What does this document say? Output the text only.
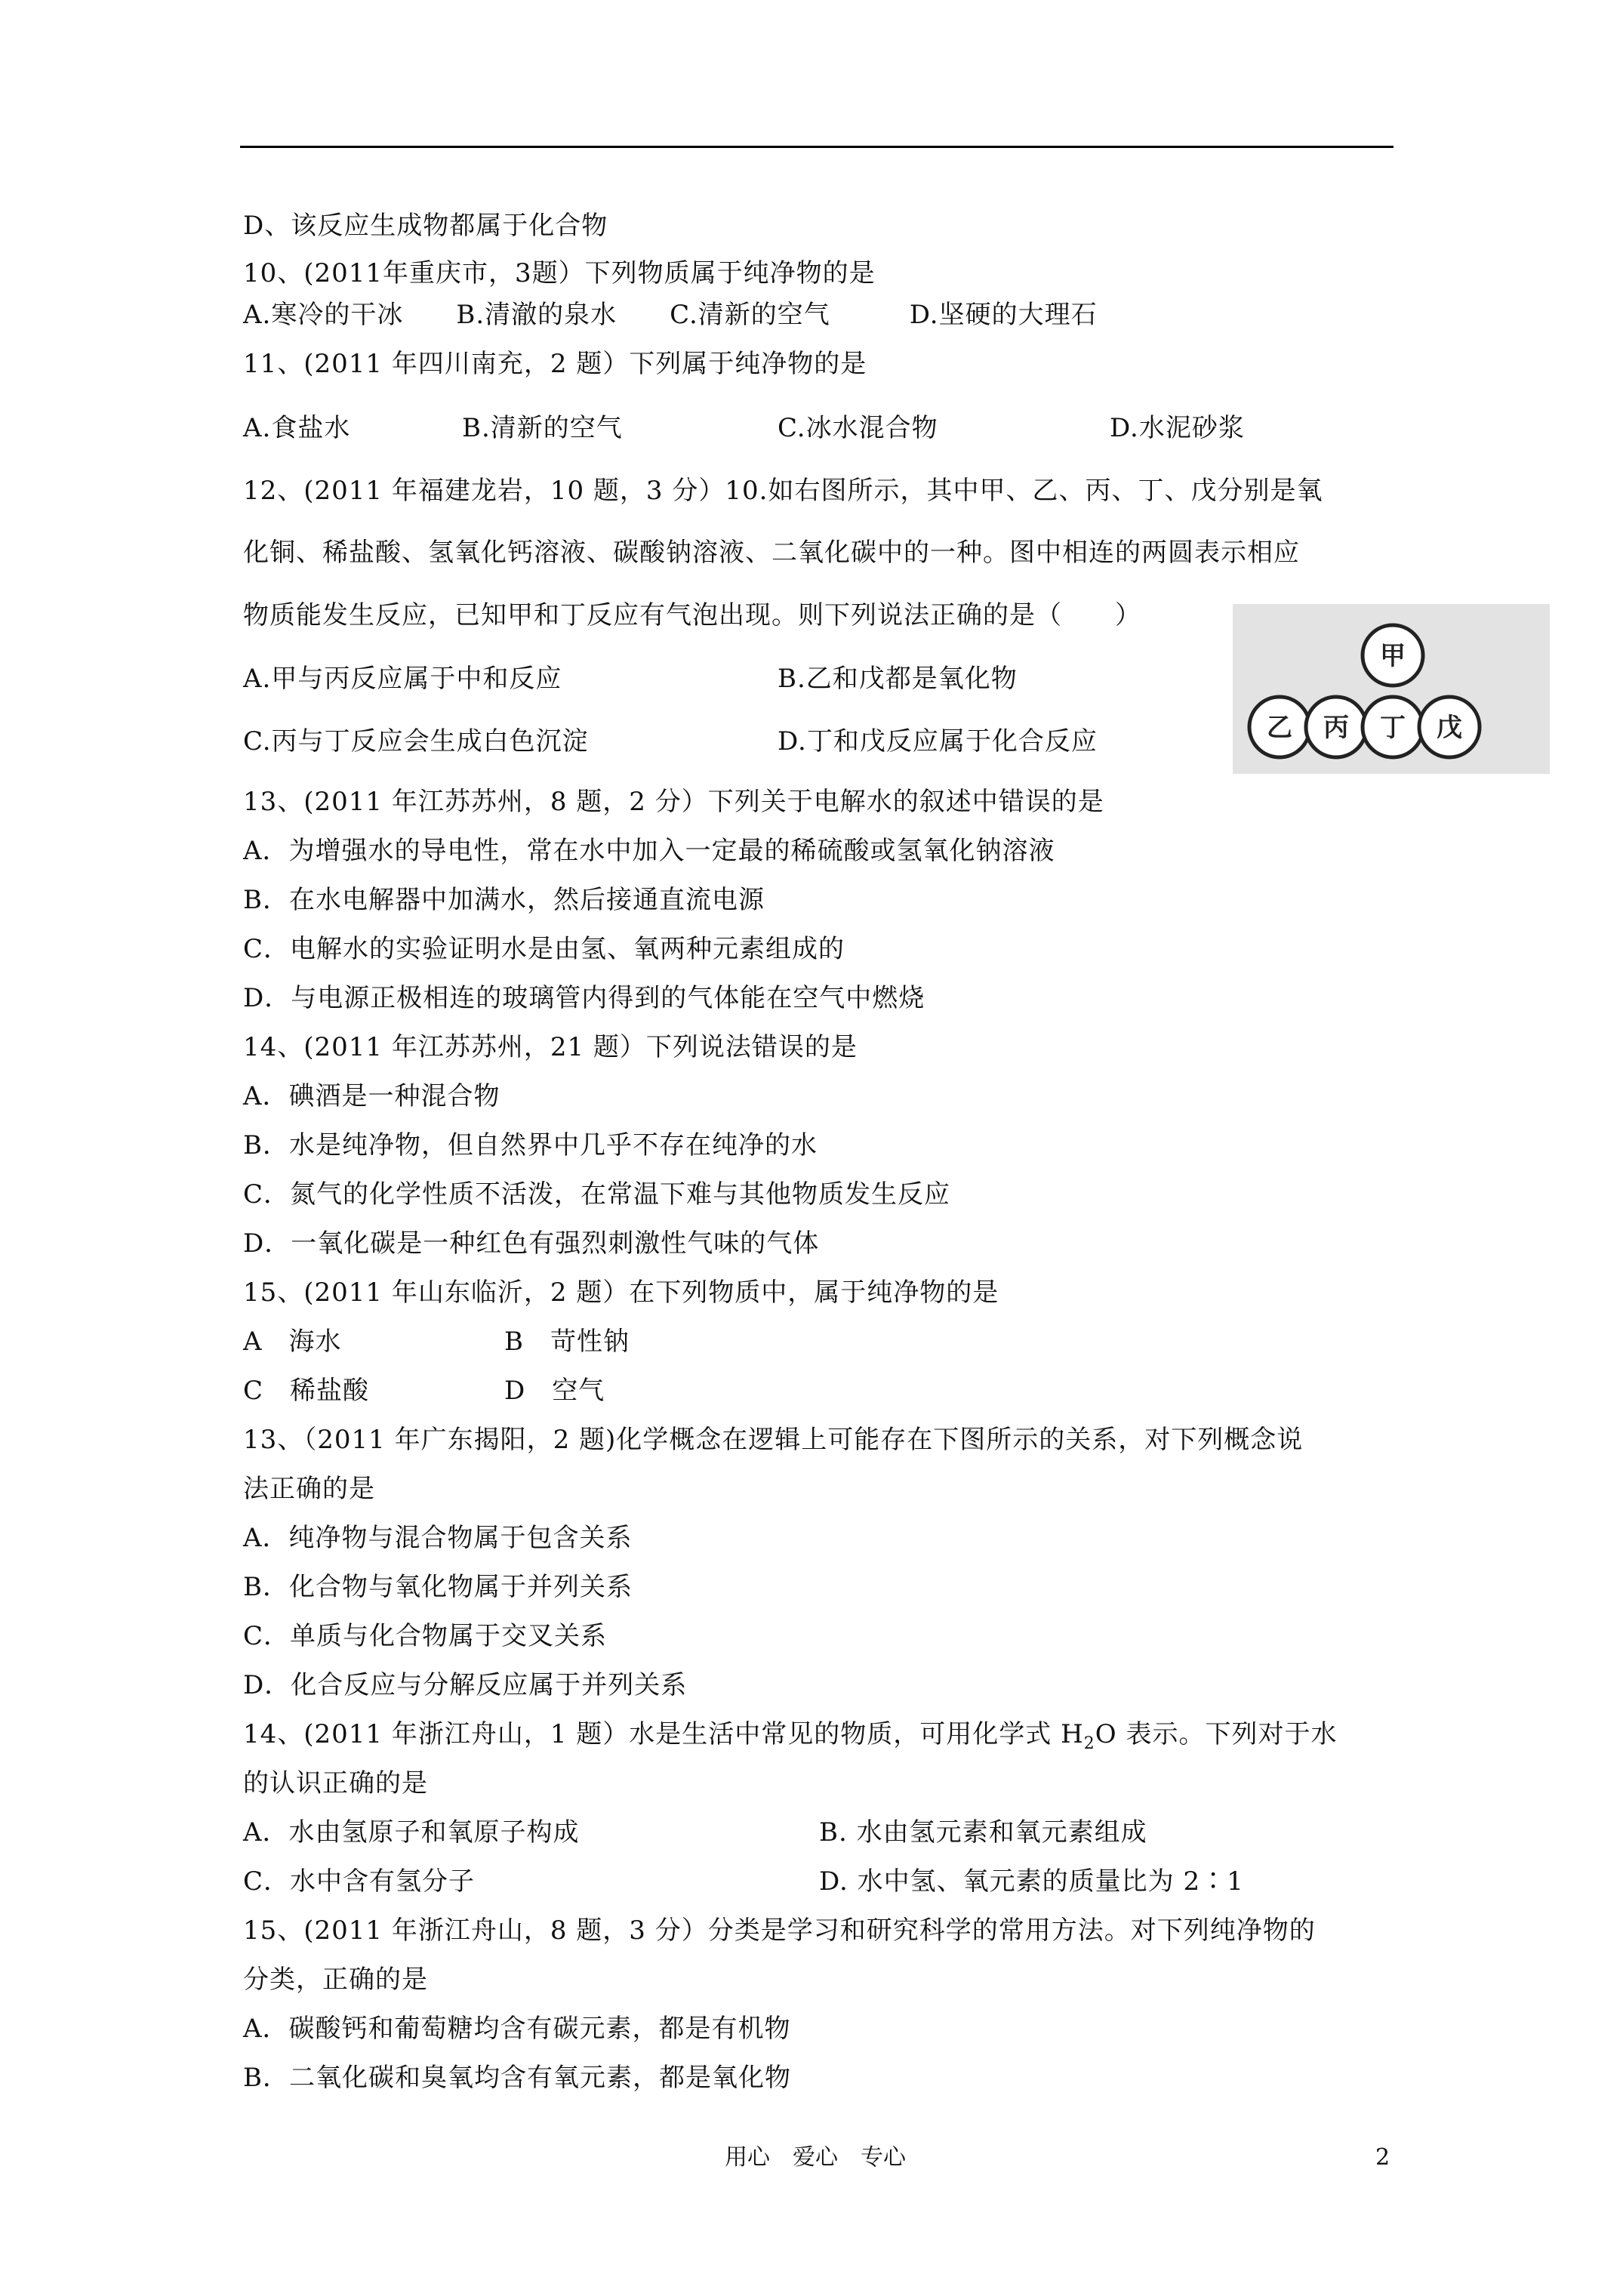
D、该反应生成物都属于化合物
10、(2011年重庆市，3题）下列物质属于纯净物的是
A.寒冷的干冰　　B.清澈的泉水　　C.清新的空气　　　D.坚硬的大理石
11、(2011 年四川南充，2 题）下列属于纯净物的是
12、(2011 年福建龙岩，10 题，3 分）10.如右图所示，其中甲、乙、丙、丁、戊分别是氧
化铜、稀盐酸、氢氧化钙溶液、碳酸钠溶液、二氧化碳中的一种。图中相连的两圆表示相应
物质能发生反应，已知甲和丁反应有气泡出现。则下列说法正确的是（　　）
13、(2011 年江苏苏州，8 题，2 分）下列关于电解水的叙述中错误的是
A．为增强水的导电性，常在水中加入一定最的稀硫酸或氢氧化钠溶液
B．在水电解器中加满水，然后接通直流电源
C．电解水的实验证明水是由氢、氧两种元素组成的
D．与电源正极相连的玻璃管内得到的气体能在空气中燃烧
14、(2011 年江苏苏州，21 题）下列说法错误的是
A．碘酒是一种混合物
B．水是纯净物，但自然界中几乎不存在纯净的水
C．氮气的化学性质不活泼，在常温下难与其他物质发生反应
D．一氧化碳是一种红色有强烈刺激性气味的气体
15、(2011 年山东临沂，2 题）在下列物质中，属于纯净物的是
13、（2011 年广东揭阳，2 题)化学概念在逻辑上可能存在下图所示的关系，对下列概念说
法正确的是
A．纯净物与混合物属于包含关系
B．化合物与氧化物属于并列关系
C．单质与化合物属于交叉关系
D．化合反应与分解反应属于并列关系
的认识正确的是
15、(2011 年浙江舟山，8 题，3 分）分类是学习和研究科学的常用方法。对下列纯净物的
分类，正确的是
A．碳酸钙和葡萄糖均含有碳元素，都是有机物
B．二氧化碳和臭氧均含有氧元素，都是氧化物
A.食盐水	B.清新的空气	C.冰水混合物	D.水泥砂浆
A.甲与丙反应属于中和反应	B.乙和戊都是氧化物
C.丙与丁反应会生成白色沉淀	D.丁和戊反应属于化合反应
A　海水	B　苛性钠
C　稀盐酸	D　空气
A．水由氢原子和氧原子构成	B. 水由氢元素和氧元素组成
C．水中含有氢分子	D. 水中氢、氧元素的质量比为 2∶1
14、(2011 年浙江舟山，1 题）水是生活中常见的物质，可用化学式 $H_2O$ 表示。下列对于水
甲
乙 丙 丁 戊
用心　爱心　专心	2
